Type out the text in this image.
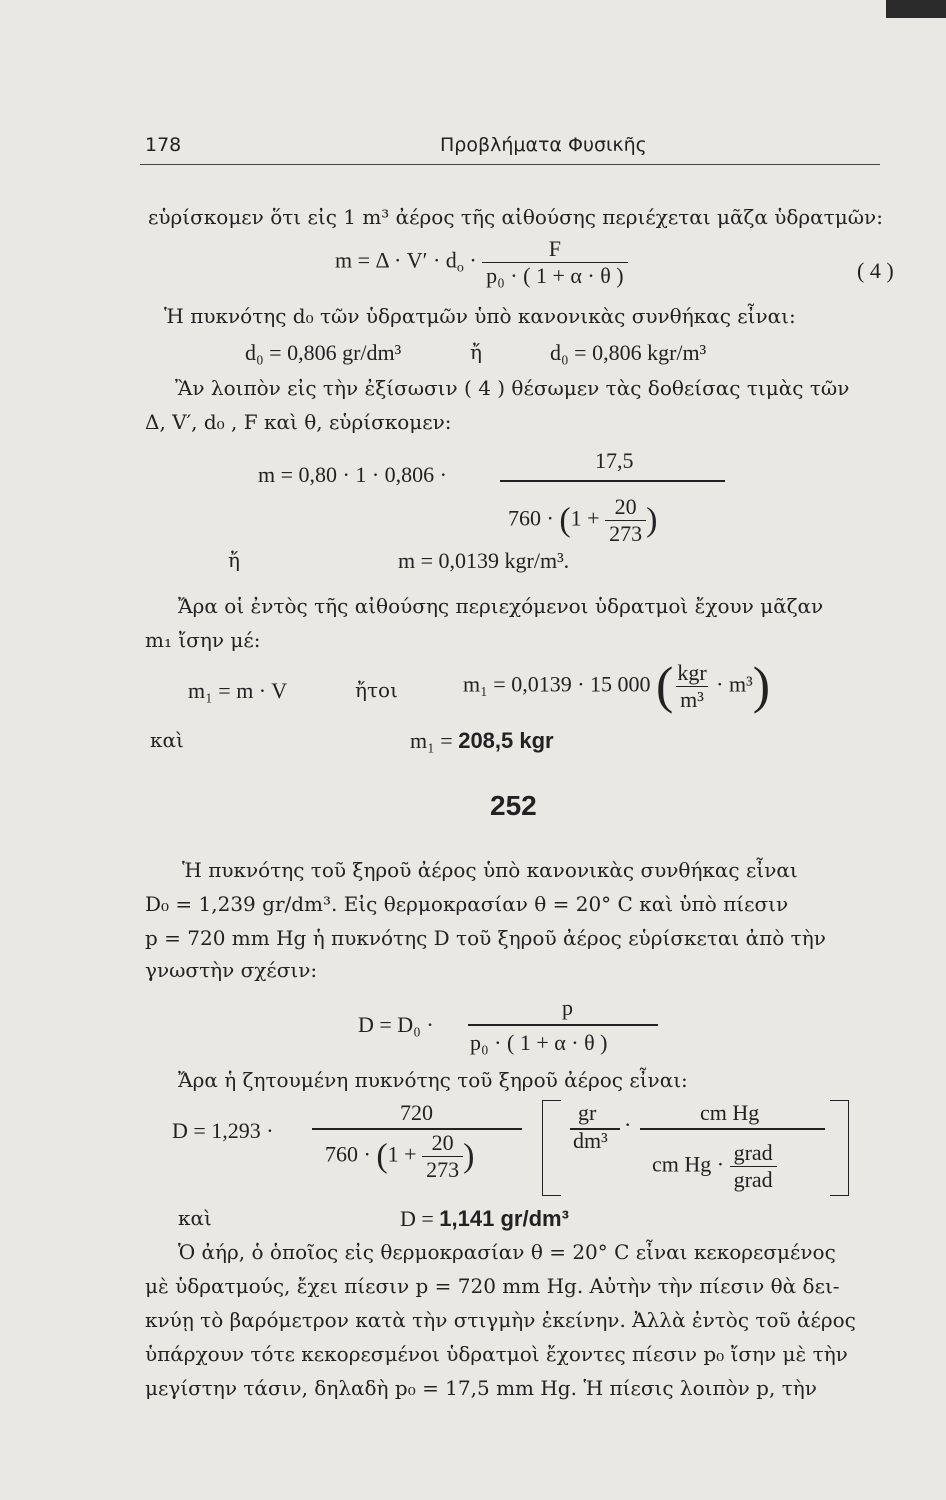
178	Προβλήματα Φυσικῆς
εὑρίσκομεν ὅτι εἰς 1 m³ ἀέρος τῆς αἰθούσης περιέχεται μᾶζα ὑδρατμῶν:
$m = \Delta \cdot V' \cdot d_o \cdot \frac{F}{\text{p₀ · ( 1 + α · θ )}}$	( 4 )
Ἡ πυκνότης d₀ τῶν ὑδρατμῶν ὑπὸ κανονικὰς συνθήκας εἶναι:
d₀ = 0,806 gr/dm³	ἤ	d₀ = 0,806 kgr/m³
Ἂν λοιπὸν εἰς τὴν ἐξίσωσιν ( 4 ) θέσωμεν τὰς δοθείσας τιμὰς τῶν
Δ, V′, d₀ , F καὶ θ, εὑρίσκομεν:
m = 0,80 · 1 · 0,806 ·
17,5
$760 \cdot (1 + \frac{20}{273}$ )
ἤ	m = 0,0139 kgr/m³.
Ἄρα οἱ ἐντὸς τῆς αἰθούσης περιεχόμενοι ὑδρατμοὶ ἔχουν μᾶζαν
m₁ ἴσην μέ:
m₁ = m · V	ἤτοι	m₁ = 0,0139 · 15 000 ( $\frac{\text{kgr}}{\text{m³}} \cdot m^3$)
καὶ	m₁ = 208,5 kgr
252
Ἡ πυκνότης τοῦ ξηροῦ ἀέρος ὑπὸ κανονικὰς συνθήκας εἶναι
D₀ = 1,239 gr/dm³. Εἰς θερμοκρασίαν θ = 20° C καὶ ὑπὸ πίεσιν
p = 720 mm Hg ἡ πυκνότης D τοῦ ξηροῦ ἀέρος εὑρίσκεται ἀπὸ τὴν
γνωστὴν σχέσιν:
D = D₀ ·
p
p₀ · ( 1 + α · θ )
Ἄρα ἡ ζητουμένη πυκνότης τοῦ ξηροῦ ἀέρος εἶναι:
D = 1,293 ·
720
$760 \cdot (1 + \frac{20}{273}$ )
gr
dm³
·	cm Hg
cm $Hg \cdot \frac{\text{grad}}{\text{grad}}$
καὶ	D = 1,141 gr/dm³
Ὁ ἀήρ, ὁ ὁποῖος εἰς θερμοκρασίαν θ = 20° C εἶναι κεκορεσμένος
μὲ ὑδρατμούς, ἔχει πίεσιν p = 720 mm Hg. Αὐτὴν τὴν πίεσιν θὰ δει-
κνύῃ τὸ βαρόμετρον κατὰ τὴν στιγμὴν ἐκείνην. Ἀλλὰ ἐντὸς τοῦ ἀέρος
ὑπάρχουν τότε κεκορεσμένοι ὑδρατμοὶ ἔχοντες πίεσιν p₀ ἴσην μὲ τὴν
μεγίστην τάσιν, δηλαδὴ p₀ = 17,5 mm Hg. Ἡ πίεσις λοιπὸν p, τὴν
